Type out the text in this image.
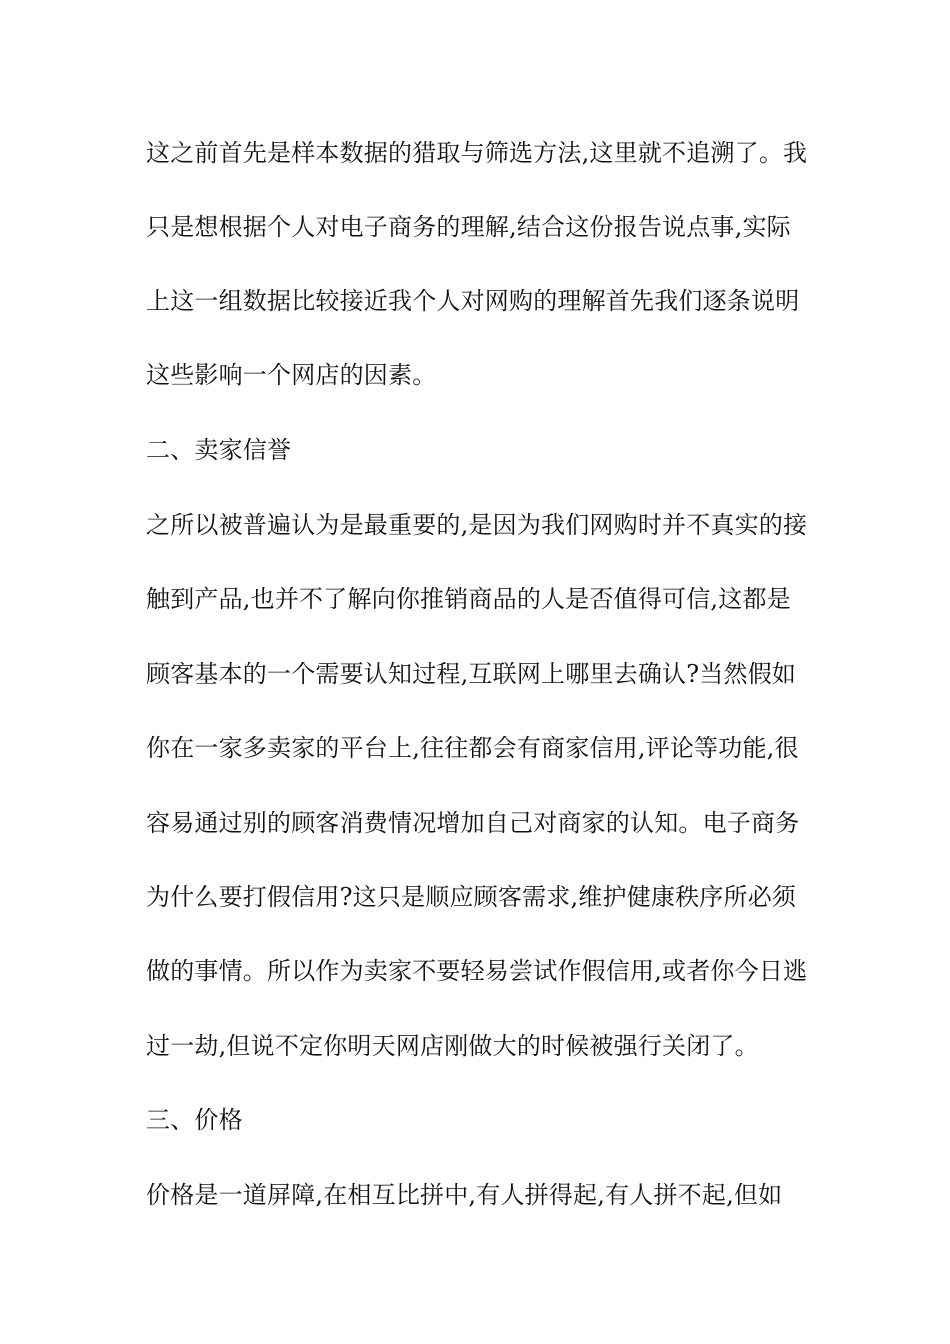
这之前首先是样本数据的猎取与筛选方法,这里就不追溯了。我
只是想根据个人对电子商务的理解,结合这份报告说点事,实际
上这一组数据比较接近我个人对网购的理解首先我们逐条说明
这些影响一个网店的因素。
二、卖家信誉
之所以被普遍认为是最重要的,是因为我们网购时并不真实的接
触到产品,也并不了解向你推销商品的人是否值得可信,这都是
顾客基本的一个需要认知过程,互联网上哪里去确认?当然假如
你在一家多卖家的平台上,往往都会有商家信用,评论等功能,很
容易通过别的顾客消费情况增加自己对商家的认知。电子商务
为什么要打假信用?这只是顺应顾客需求,维护健康秩序所必须
做的事情。所以作为卖家不要轻易尝试作假信用,或者你今日逃
过一劫,但说不定你明天网店刚做大的时候被强行关闭了。
三、价格
价格是一道屏障,在相互比拼中,有人拼得起,有人拼不起,但如
